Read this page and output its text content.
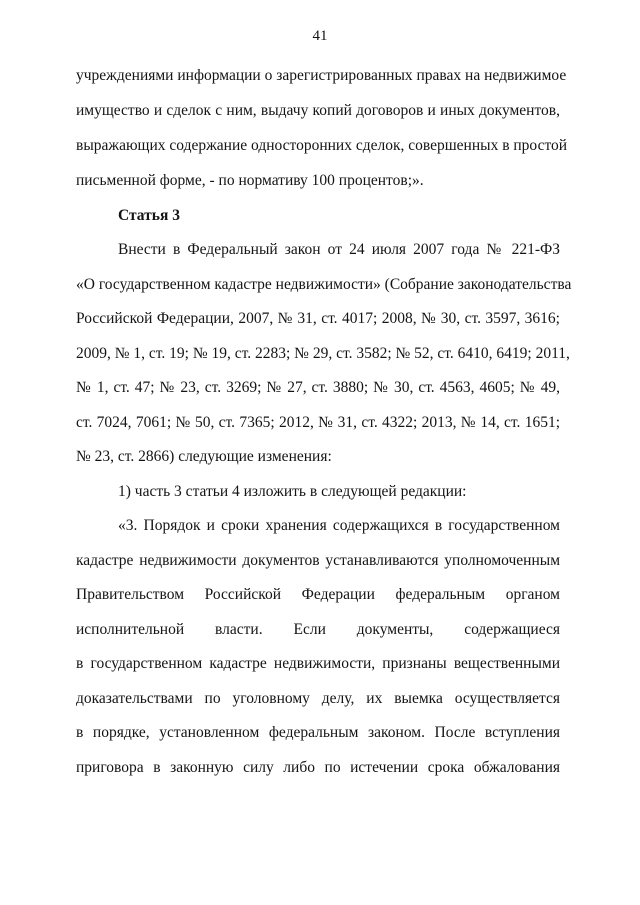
41
учреждениями информации о зарегистрированных правах на недвижимое
имущество и сделок с ним, выдачу копий договоров и иных документов,
выражающих содержание односторонних сделок, совершенных в простой
письменной форме, - по нормативу 100 процентов;».
Статья 3
Внести в Федеральный закон от 24 июля 2007 года № 221-ФЗ
«О государственном кадастре недвижимости» (Собрание законодательства
Российской Федерации, 2007, № 31, ст. 4017; 2008, № 30, ст. 3597, 3616;
2009, № 1, ст. 19; № 19, ст. 2283; № 29, ст. 3582; № 52, ст. 6410, 6419; 2011,
№ 1, ст. 47; № 23, ст. 3269; № 27, ст. 3880; № 30, ст. 4563, 4605; № 49,
ст. 7024, 7061; № 50, ст. 7365; 2012, № 31, ст. 4322; 2013, № 14, ст. 1651;
№ 23, ст. 2866) следующие изменения:
1) часть 3 статьи 4 изложить в следующей редакции:
«3. Порядок и сроки хранения содержащихся в государственном
кадастре недвижимости документов устанавливаются уполномоченным
Правительством Российской Федерации федеральным органом
исполнительной власти. Если документы, содержащиеся
в государственном кадастре недвижимости, признаны вещественными
доказательствами по уголовному делу, их выемка осуществляется
в порядке, установленном федеральным законом. После вступления
приговора в законную силу либо по истечении срока обжалования
